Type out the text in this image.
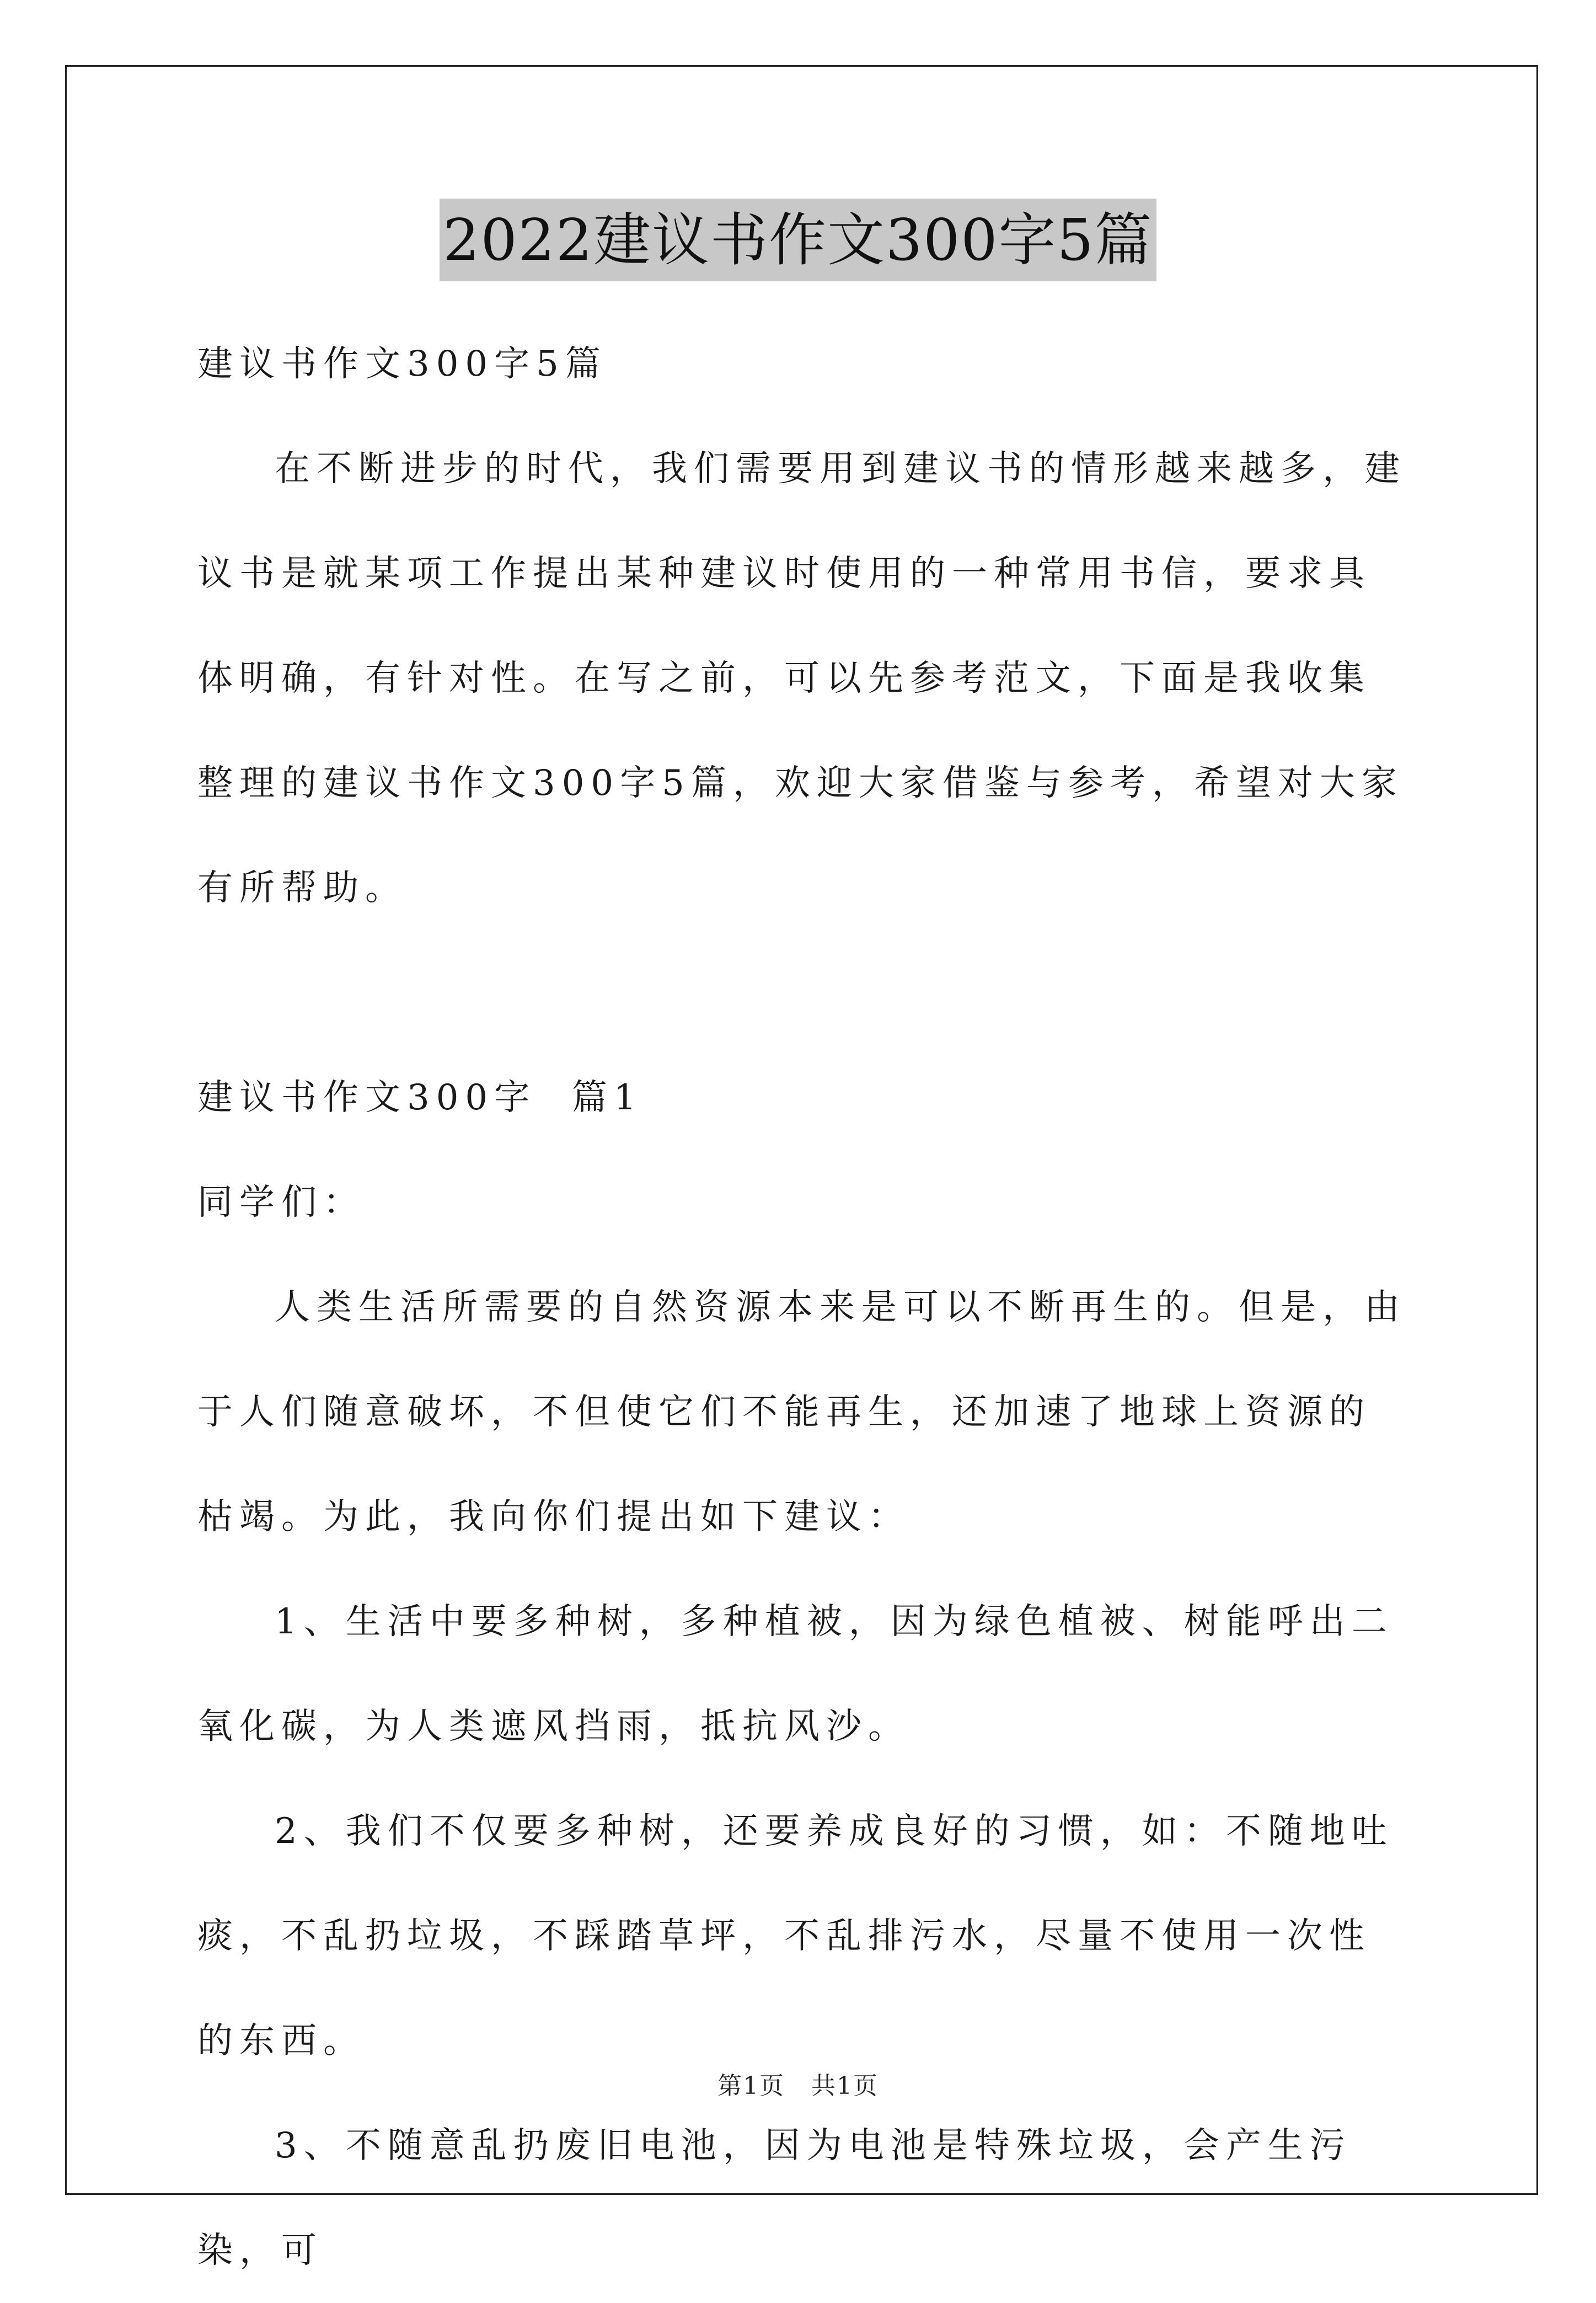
2022建议书作文300字5篇

建议书作文300字5篇

在不断进步的时代，我们需要用到建议书的情形越来越多，建议书是就某项工作提出某种建议时使用的一种常用书信，要求具体明确，有针对性。在写之前，可以先参考范文，下面是我收集整理的建议书作文300字5篇，欢迎大家借鉴与参考，希望对大家有所帮助。

建议书作文300字  篇1

同学们：

人类生活所需要的自然资源本来是可以不断再生的。但是，由于人们随意破坏，不但使它们不能再生，还加速了地球上资源的枯竭。为此，我向你们提出如下建议：

1、生活中要多种树，多种植被，因为绿色植被、树能呼出二氧化碳，为人类遮风挡雨，抵抗风沙。

2、我们不仅要多种树，还要养成良好的习惯，如：不随地吐痰，不乱扔垃圾，不踩踏草坪，不乱排污水，尽量不使用一次性的东西。

3、不随意乱扔废旧电池，因为电池是特殊垃圾，会产生污染，可

第1页   共1页
